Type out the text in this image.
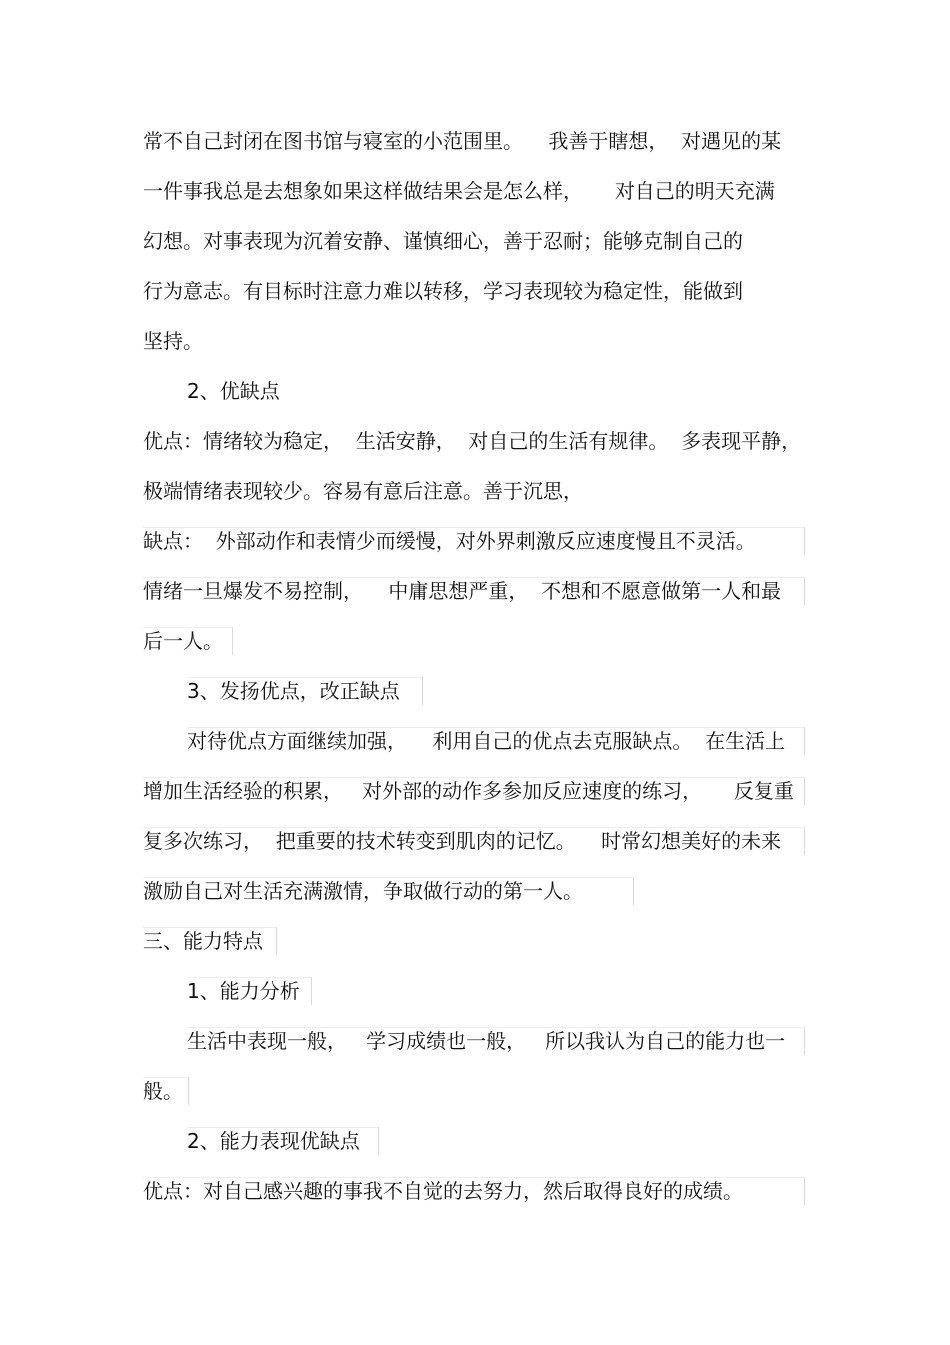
常不自己封闭在图书馆与寝室的小范围里。    我善于瞎想，  对遇见的某
一件事我总是去想象如果这样做结果会是怎么样，     对自己的明天充满
幻想。对事表现为沉着安静、谨慎细心，善于忍耐；能够克制自己的
行为意志。有目标时注意力难以转移，学习表现较为稳定性，能做到
坚持。
2、优缺点
优点：情绪较为稳定，  生活安静，  对自己的生活有规律。  多表现平静，
极端情绪表现较少。容易有意后注意。善于沉思，
缺点：  外部动作和表情少而缓慢，对外界刺激反应速度慢且不灵活。
情绪一旦爆发不易控制，    中庸思想严重，  不想和不愿意做第一人和最
后一人。
3、发扬优点，改正缺点
对待优点方面继续加强，    利用自己的优点去克服缺点。  在生活上
增加生活经验的积累，   对外部的动作多参加反应速度的练习，     反复重
复多次练习，  把重要的技术转变到肌肉的记忆。    时常幻想美好的未来
激励自己对生活充满激情，争取做行动的第一人。
三、能力特点
1、能力分析
生活中表现一般，   学习成绩也一般，   所以我认为自己的能力也一
般。
2、能力表现优缺点
优点：对自己感兴趣的事我不自觉的去努力，然后取得良好的成绩。
